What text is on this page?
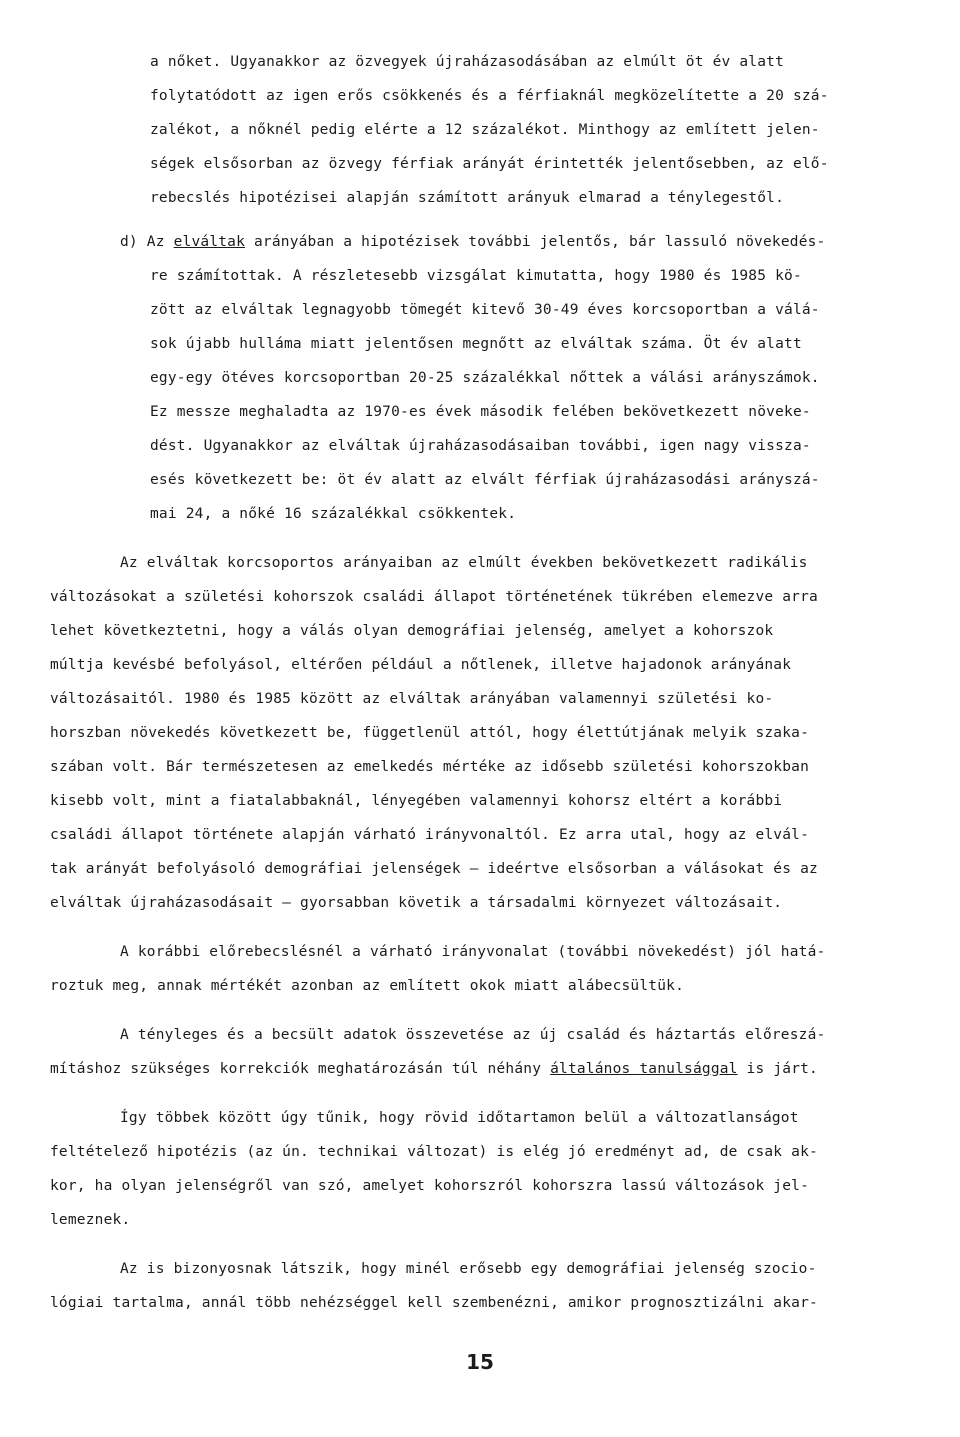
a nőket. Ugyanakkor az özvegyek újraházasodásában az elmúlt öt év alatt
folytatódott az igen erős csökkenés és a férfiaknál megközelítette a 20 szá-
zalékot, a nőknél pedig elérte a 12 százalékot. Minthogy az említett jelen-
ségek elsősorban az özvegy férfiak arányát érintették jelentősebben, az elő-
rebecslés hipotézisei alapján számított arányuk elmarad a ténylegestől.
d) Az elváltak arányában a hipotézisek további jelentős, bár lassuló növekedés-
re számítottak. A részletesebb vizsgálat kimutatta, hogy 1980 és 1985 kö-
zött az elváltak legnagyobb tömegét kitevő 30-49 éves korcsoportban a válá-
sok újabb hulláma miatt jelentősen megnőtt az elváltak száma. Öt év alatt
egy-egy ötéves korcsoportban 20-25 százalékkal nőttek a válási arányszámok.
Ez messze meghaladta az 1970-es évek második felében bekövetkezett növeke-
dést. Ugyanakkor az elváltak újraházasodásaiban további, igen nagy vissza-
esés következett be: öt év alatt az elvált férfiak újraházasodási arányszá-
mai 24, a nőké 16 százalékkal csökkentek.
Az elváltak korcsoportos arányaiban az elmúlt években bekövetkezett radikális
változásokat a születési kohorszok családi állapot történetének tükrében elemezve arra
lehet következtetni, hogy a válás olyan demográfiai jelenség, amelyet a kohorszok
múltja kevésbé befolyásol, eltérően például a nőtlenek, illetve hajadonok arányának
változásaitól. 1980 és 1985 között az elváltak arányában valamennyi születési ko-
horszban növekedés következett be, függetlenül attól, hogy élettútjának melyik szaka-
szában volt. Bár természetesen az emelkedés mértéke az idősebb születési kohorszokban
kisebb volt, mint a fiatalabbaknál, lényegében valamennyi kohorsz eltért a korábbi
családi állapot története alapján várható irányvonaltól. Ez arra utal, hogy az elvál-
tak arányát befolyásoló demográfiai jelenségek – ideértve elsősorban a válásokat és az
elváltak újraházasodásait – gyorsabban követik a társadalmi környezet változásait.
A korábbi előrebecslésnél a várható irányvonalat (további növekedést) jól hatá-
roztuk meg, annak mértékét azonban az említett okok miatt alábecsültük.
A tényleges és a becsült adatok összevetése az új család és háztartás előreszá-
mításhoz szükséges korrekciók meghatározásán túl néhány általános tanulsággal is járt.
Így többek között úgy tűnik, hogy rövid időtartamon belül a változatlanságot
feltételező hipotézis (az ún. technikai változat) is elég jó eredményt ad, de csak ak-
kor, ha olyan jelenségről van szó, amelyet kohorszról kohorszra lassú változások jel-
lemeznek.
Az is bizonyosnak látszik, hogy minél erősebb egy demográfiai jelenség szocio-
lógiai tartalma, annál több nehézséggel kell szembenézni, amikor prognosztizálni akar-
15
